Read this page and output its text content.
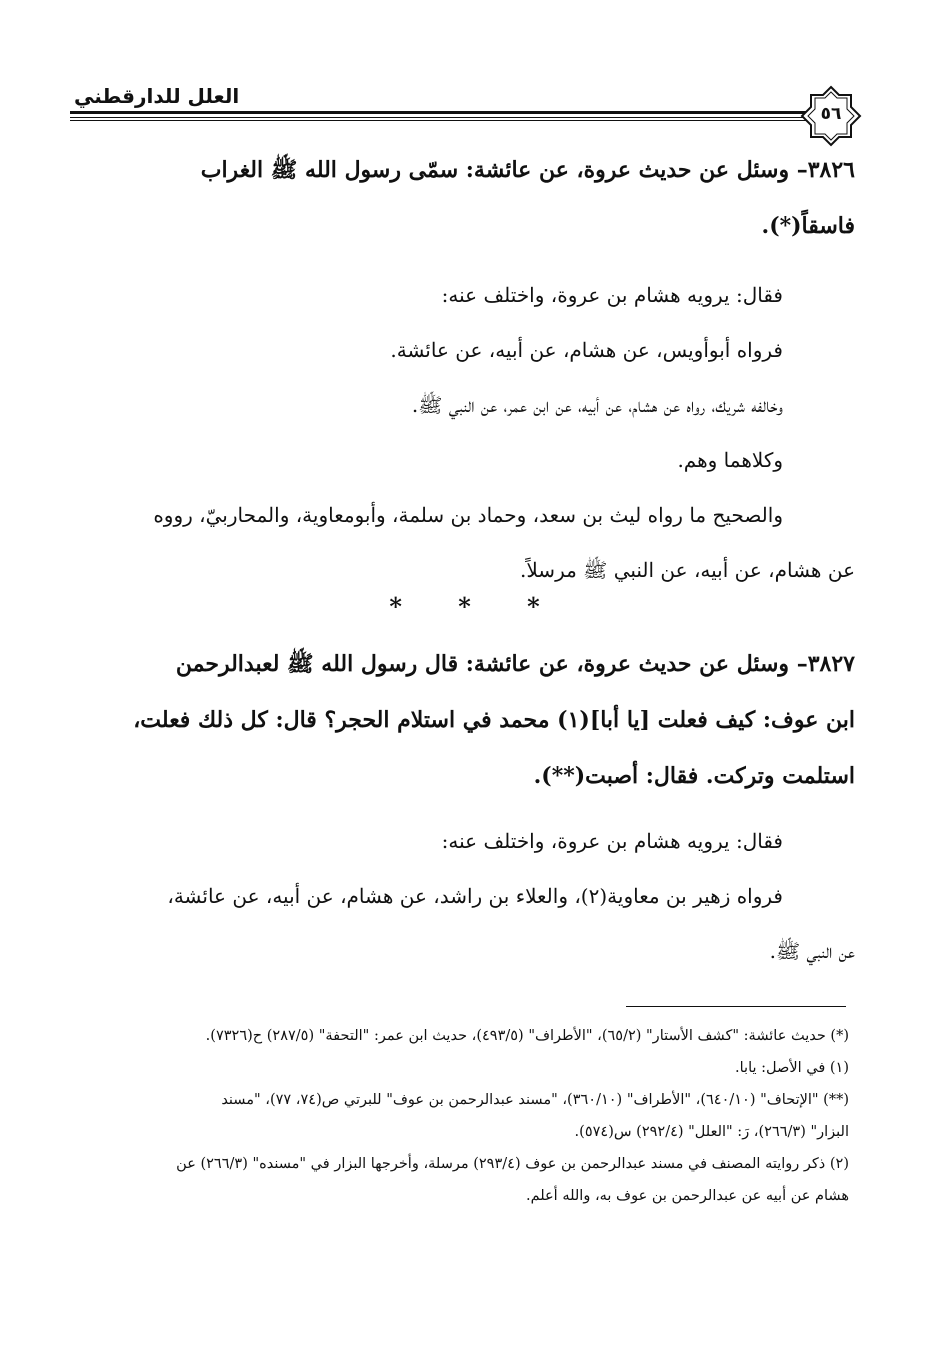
العلل للدارقطني
٥٦
٣٨٢٦– وسئل عن حديث عروة، عن عائشة: سمّى رسول الله ﷺ الغراب
فاسقاً(*).
فقال: يرويه هشام بن عروة، واختلف عنه:
فرواه أبوأويس، عن هشام، عن أبيه، عن عائشة.
وخالفه شريك، رواه عن هشام، عن أبيه، عن ابن عمر، عن النبي ﷺ.
وكلاهما وهم.
والصحيح ما رواه ليث بن سعد، وحماد بن سلمة، وأبومعاوية، والمحاربيّ، رووه
عن هشام، عن أبيه، عن النبي ﷺ مرسلاً.
* * *
٣٨٢٧– وسئل عن حديث عروة، عن عائشة: قال رسول الله ﷺ لعبدالرحمن
ابن عوف: كيف فعلت [يا أبا](١) محمد في استلام الحجر؟ قال: كل ذلك فعلت،
استلمت وتركت. فقال: أصبت(**).
فقال: يرويه هشام بن عروة، واختلف عنه:
فرواه زهير بن معاوية(٢)، والعلاء بن راشد، عن هشام، عن أبيه، عن عائشة،
عن النبي ﷺ.

(*) حديث عائشة: "كشف الأستار" (٦٥/٢)، "الأطراف" (٤٩٣/٥)، حديث ابن عمر: "التحفة" (٢٨٧/٥) ح(٧٣٢٦).

(١) في الأصل: يابا.

(**) "الإتحاف" (٦٤٠/١٠)، "الأطراف" (٣٦٠/١٠)، "مسند عبدالرحمن بن عوف" للبرتي ص(٧٤، ٧٧)، "مسند

البزار" (٢٦٦/٣)، رَ: "العلل" (٢٩٢/٤) س(٥٧٤).

(٢) ذكر روايته المصنف في مسند عبدالرحمن بن عوف (٢٩٣/٤) مرسلة، وأخرجها البزار في "مسنده" (٢٦٦/٣) عن

هشام عن أبيه عن عبدالرحمن بن عوف به، والله أعلم.
